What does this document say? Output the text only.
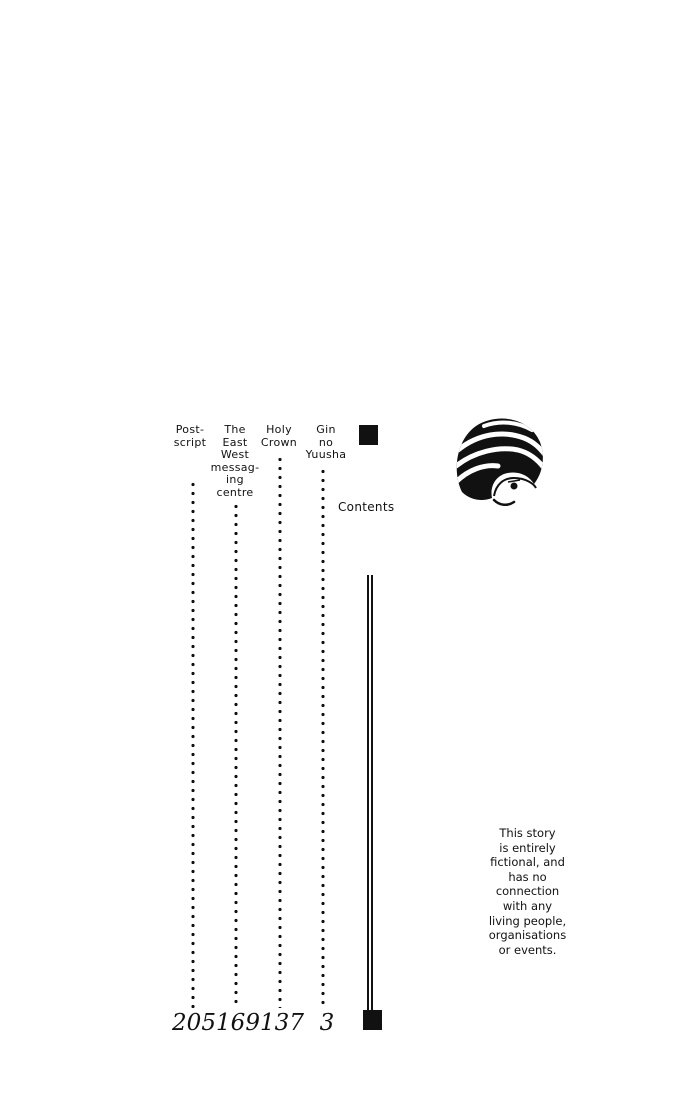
Post-
script
205
The
East
West
messag-
ing
centre
169
Holy
Crown
137
Gin
no
Yuusha
3
Contents
This story
is entirely
fictional, and
has no
connection
with any
living people,
organisations
or events.
